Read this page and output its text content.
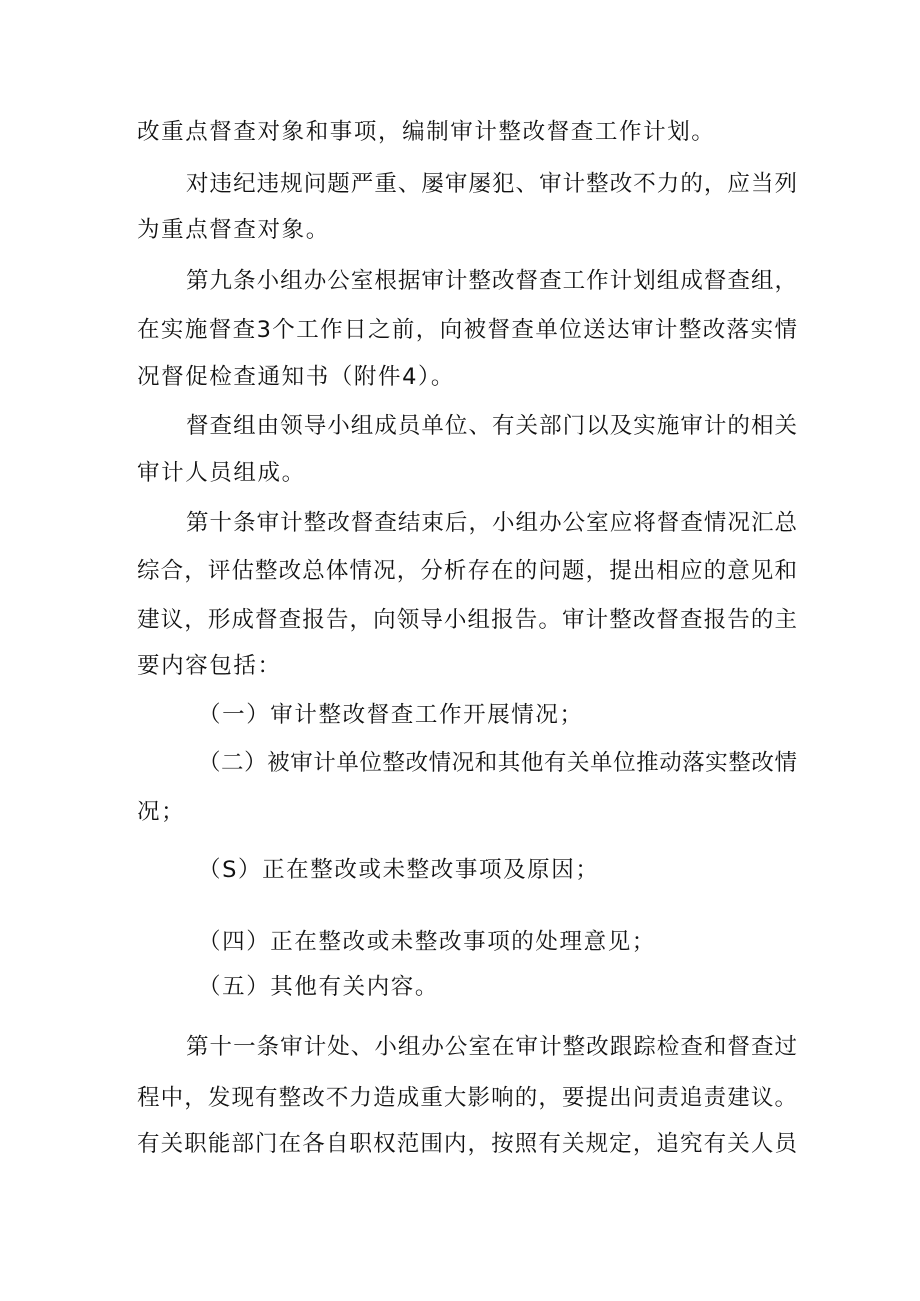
改重点督查对象和事项，编制审计整改督查工作计划。
对违纪违规问题严重、屡审屡犯、审计整改不力的，应当列
为重点督查对象。
第九条小组办公室根据审计整改督查工作计划组成督查组，
在实施督查3个工作日之前，向被督查单位送达审计整改落实情
况督促检查通知书（附件4）。
督查组由领导小组成员单位、有关部门以及实施审计的相关
审计人员组成。
第十条审计整改督查结束后，小组办公室应将督查情况汇总
综合，评估整改总体情况，分析存在的问题，提出相应的意见和
建议，形成督查报告，向领导小组报告。审计整改督查报告的主
要内容包括：
（一）审计整改督查工作开展情况；
（二）被审计单位整改情况和其他有关单位推动落实整改情
况；
（S）正在整改或未整改事项及原因；
（四）正在整改或未整改事项的处理意见；
（五）其他有关内容。
第十一条审计处、小组办公室在审计整改跟踪检查和督查过
程中，发现有整改不力造成重大影响的，要提出问责追责建议。
有关职能部门在各自职权范围内，按照有关规定，追究有关人员
